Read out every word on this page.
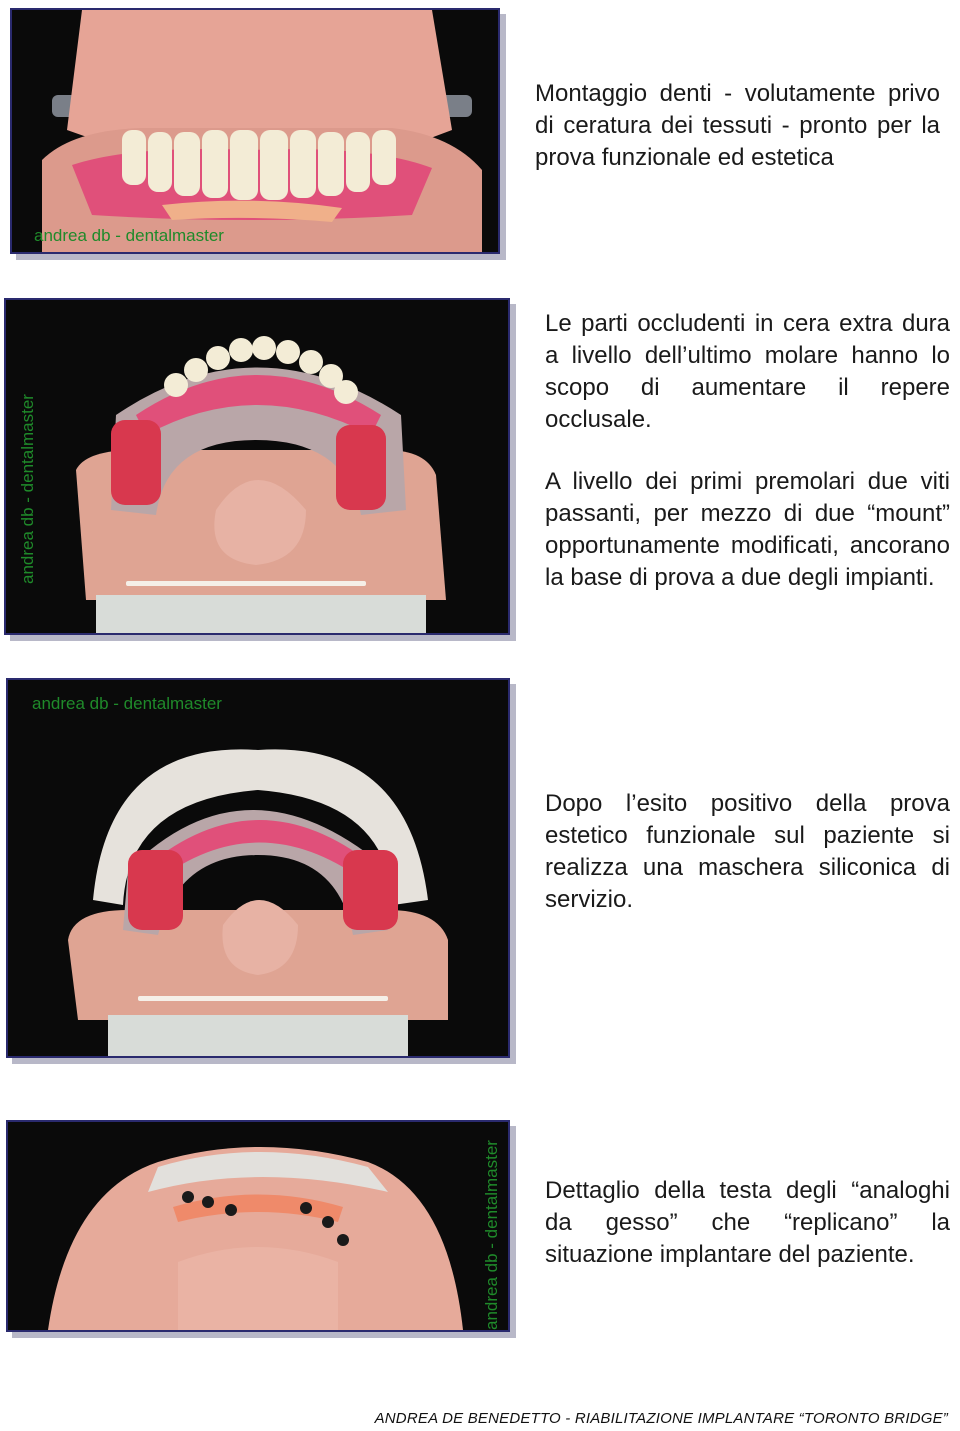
andrea db - dentalmaster

Montaggio denti - volutamente privo di ceratura dei tessuti - pronto per la prova funzionale ed estetica

andrea db - dentalmaster

Le parti occludenti in cera extra dura a livello dell’ultimo molare hanno lo scopo di aumentare il repere occlusale.

A livello dei primi premolari due viti passanti, per mezzo di due “mount” opportunamente modificati, ancorano la base di prova a due degli impianti.

andrea db - dentalmaster

Dopo l’esito positivo della prova estetico funzionale sul paziente si realizza una maschera siliconica di servizio.

andrea db - dentalmaster Dettaglio della testa degli “analoghi da gesso” che “replicano” la situazione implantare del paziente.

ANDREA DE BENEDETTO - RIABILITAZIONE IMPLANTARE “TORONTO BRIDGE”
